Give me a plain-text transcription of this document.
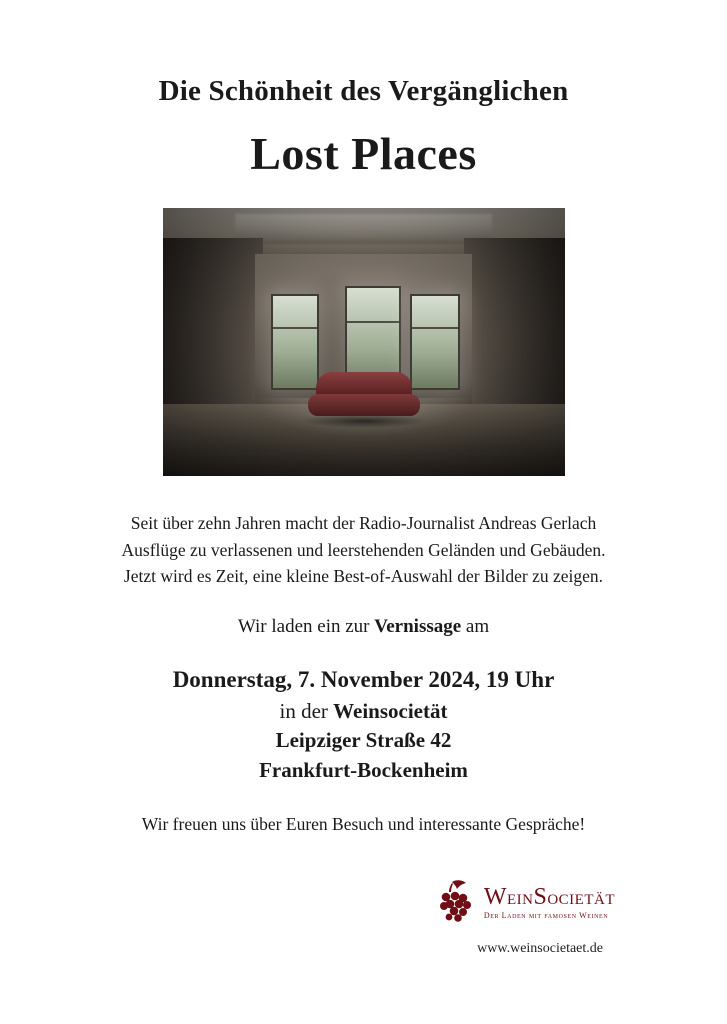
Die Schönheit des Vergänglichen
Lost Places
Seit über zehn Jahren macht der Radio-Journalist Andreas Gerlach
Ausflüge zu verlassenen und leerstehenden Geländen und Gebäuden.
Jetzt wird es Zeit, eine kleine Best-of-Auswahl der Bilder zu zeigen.
Wir laden ein zur Vernissage am
Donnerstag, 7. November 2024, 19 Uhr
in der Weinsocietät
Leipziger Straße 42
Frankfurt-Bockenheim
Wir freuen uns über Euren Besuch und interessante Gespräche!
WeinSocietät
Der Laden mit famosen Weinen
www.weinsocietaet.de
